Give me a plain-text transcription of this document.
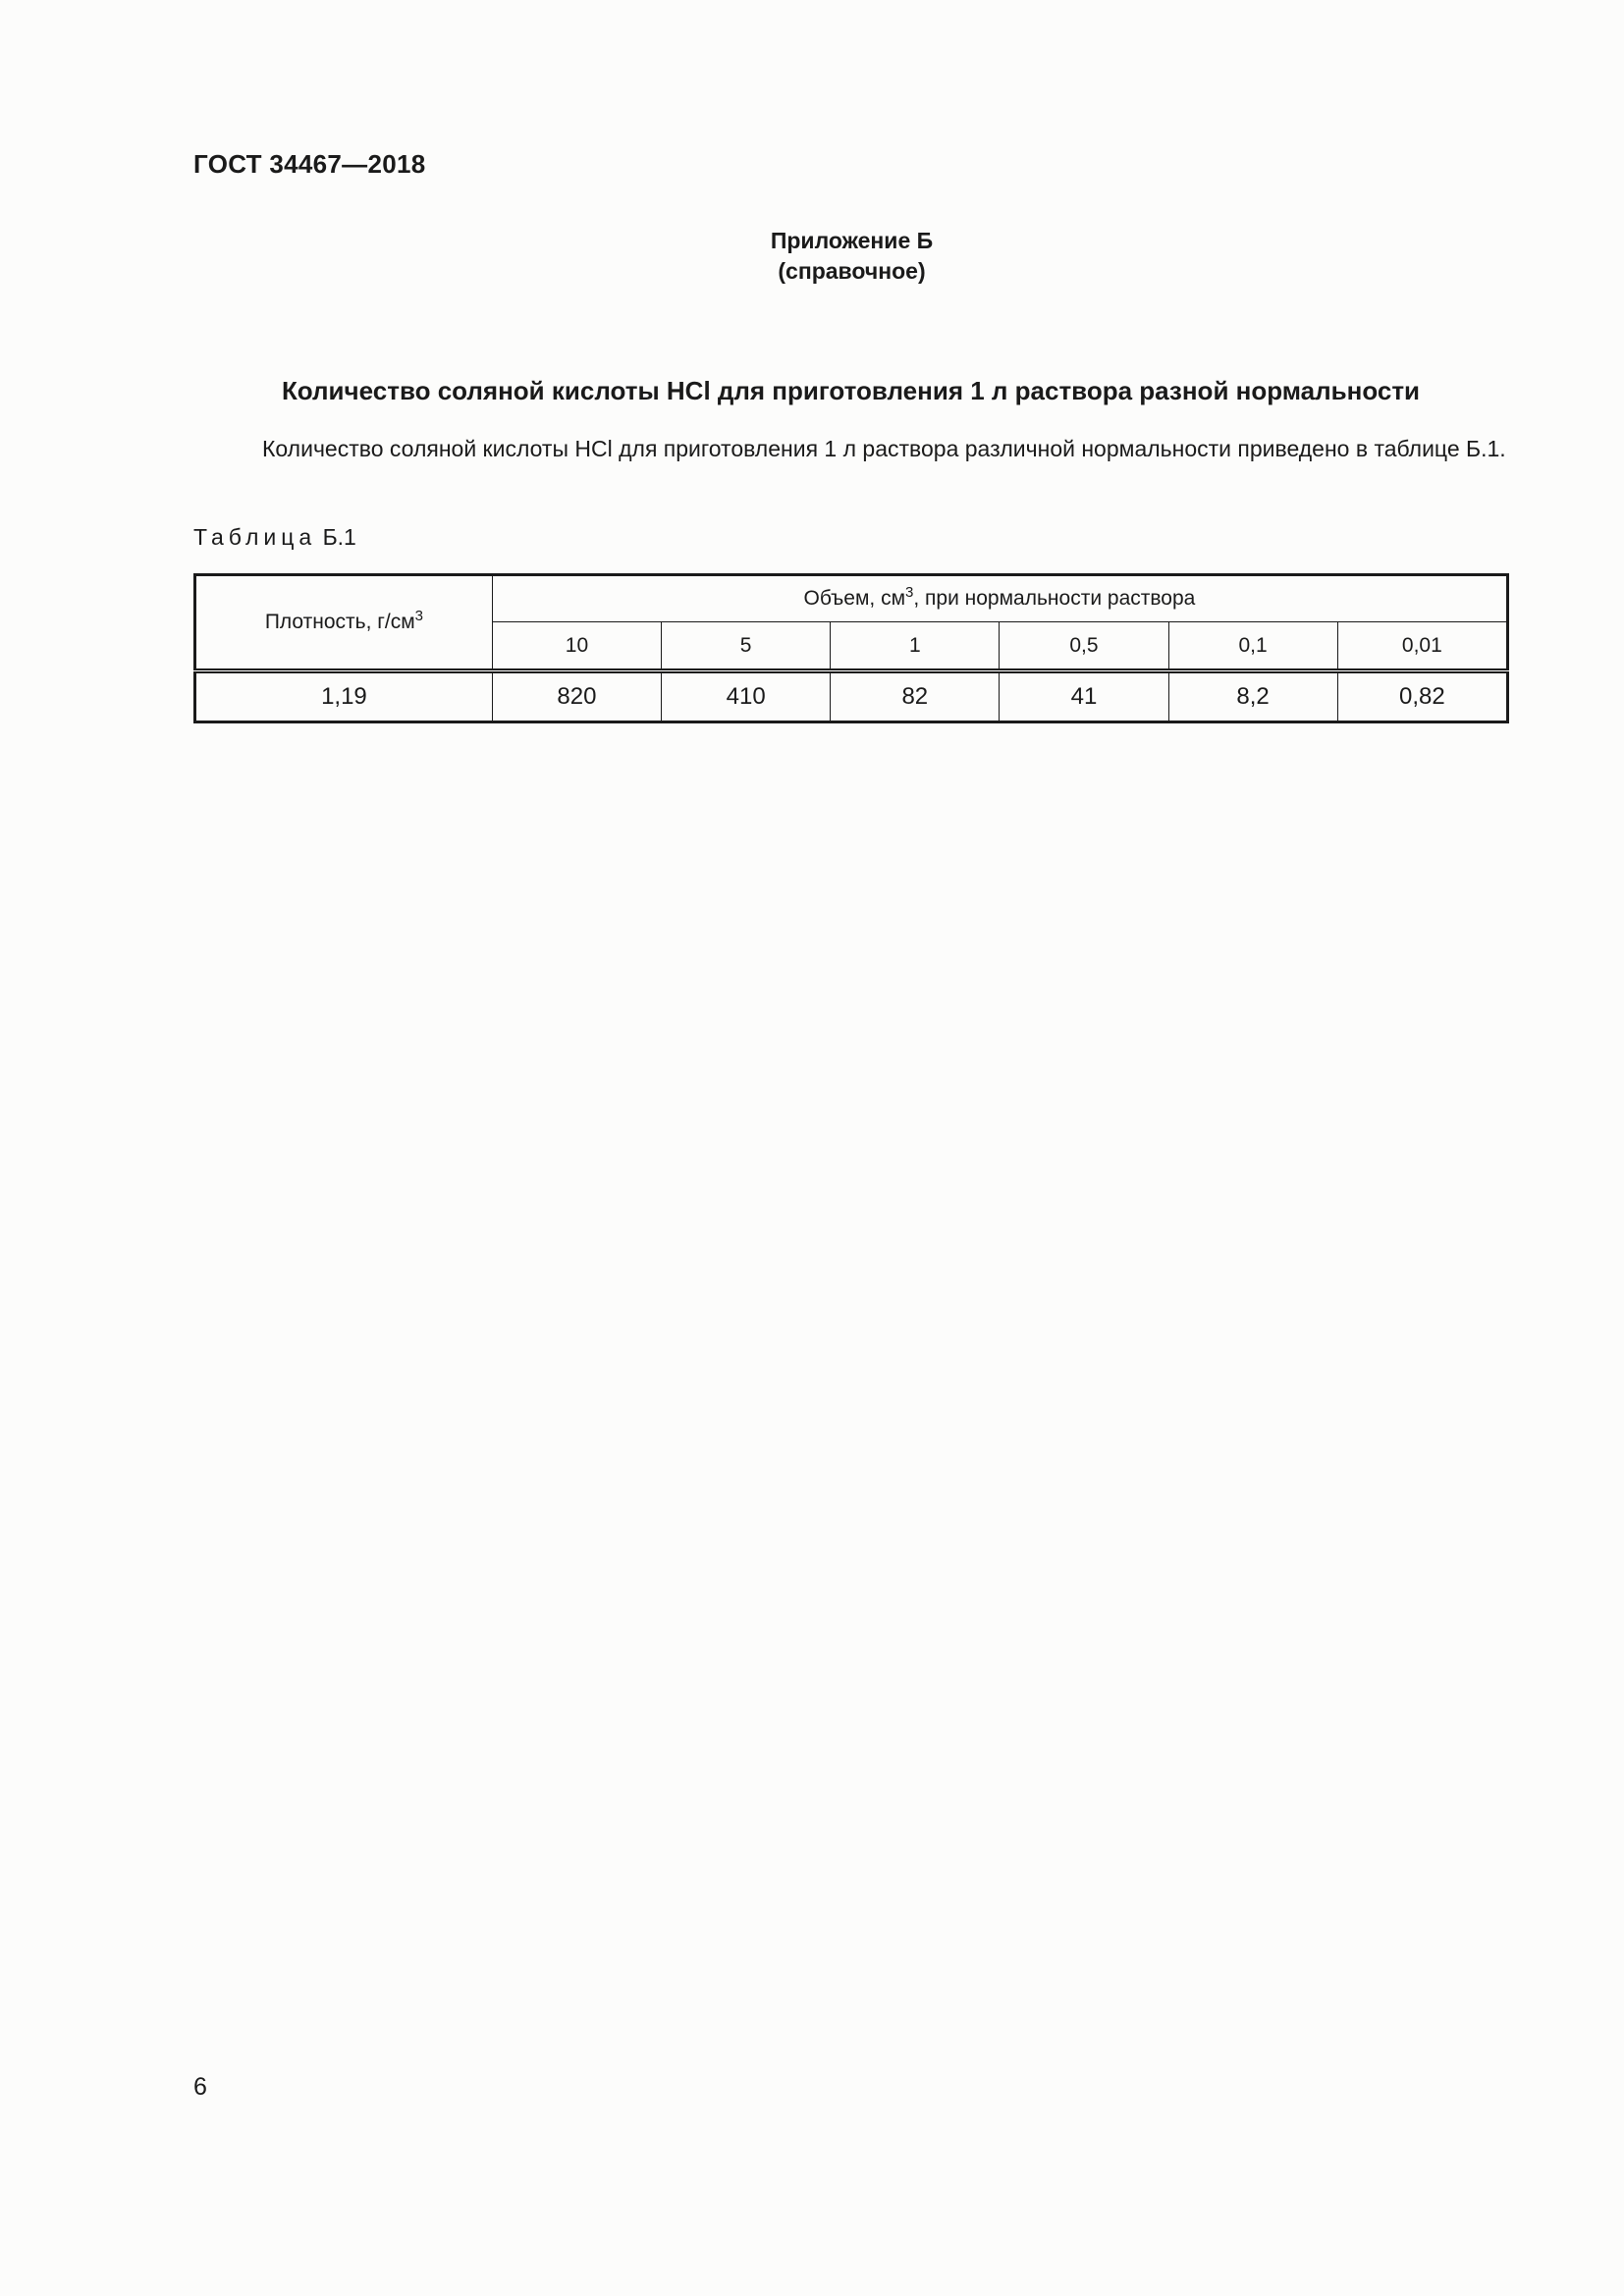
ГОСТ 34467—2018

Приложение Б
(справочное)

Количество соляной кислоты HCl для приготовления 1 л раствора разной нормальности

Количество соляной кислоты HCl для приготовления 1 л раствора различной нормальности приведено в таблице Б.1.

Таблица Б.1

Плотность, $г/см^3$	Объем, $см^3$, при нормальности раствора					
	10	5	1	0,5	0,1	0,01
1,19	820	410	82	41	8,2	0,82

6
